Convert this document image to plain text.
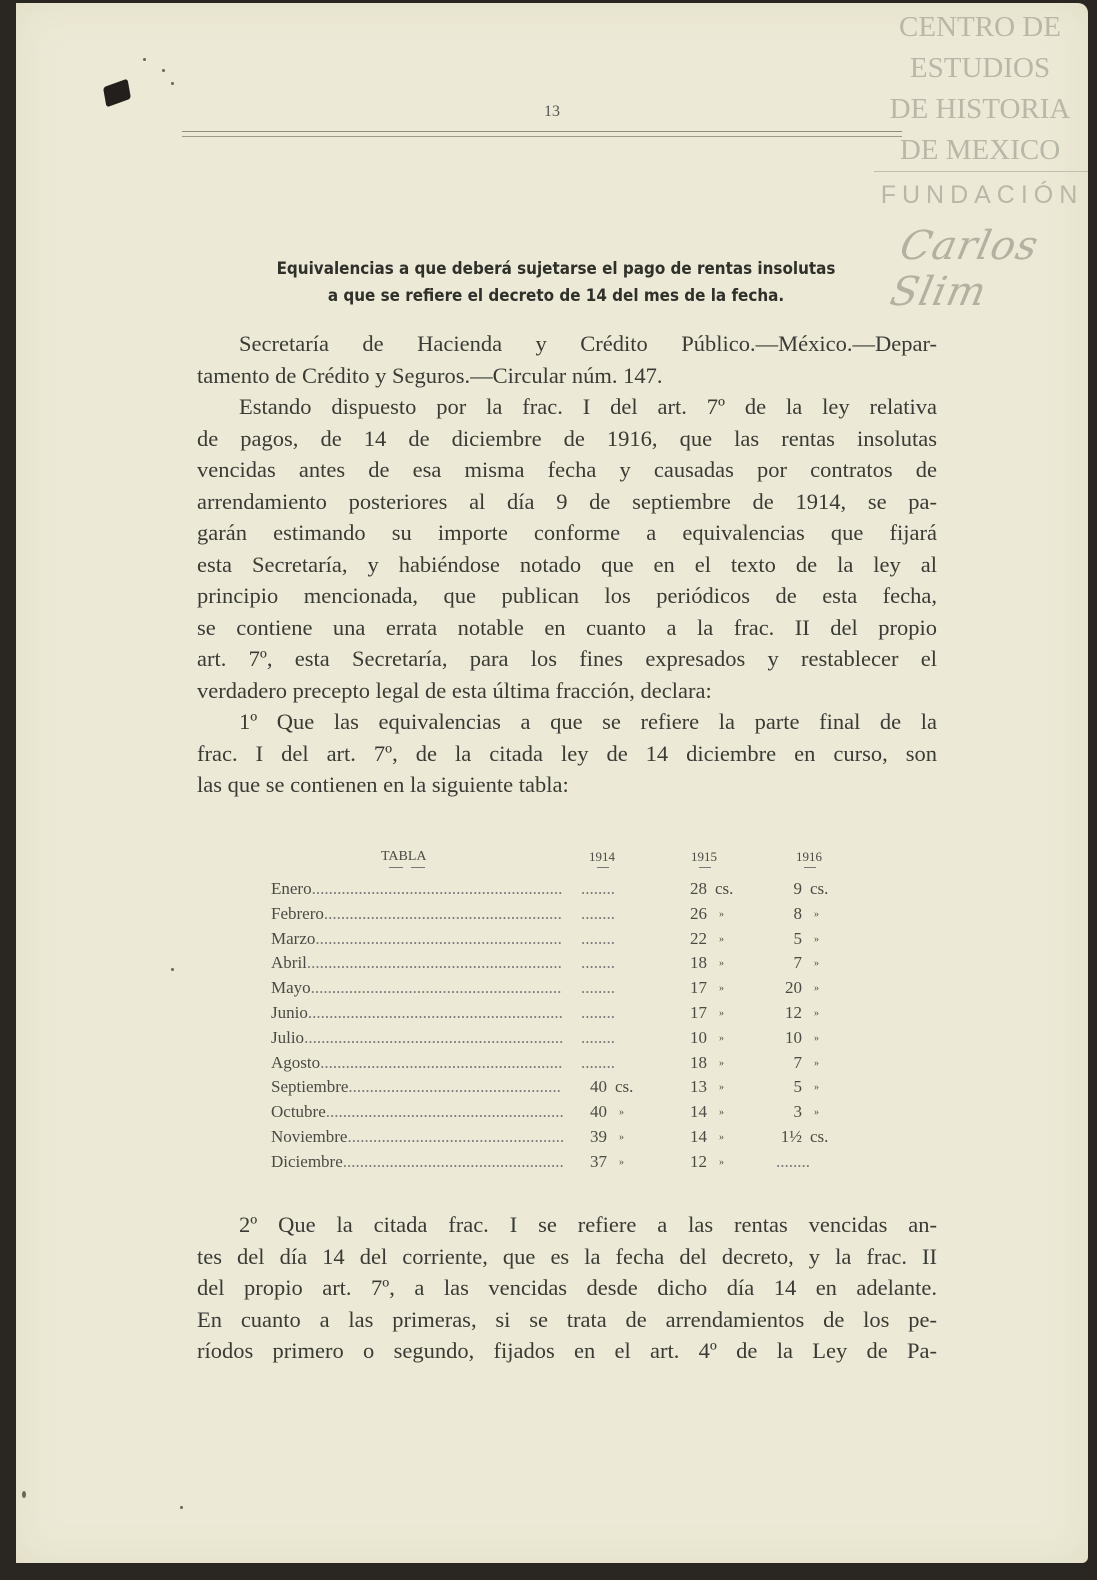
13
CENTRO DE
ESTUDIOS
DE HISTORIA
DE MEXICO
FUNDACIÓN
Carlos Slim
Equivalencias a que deberá sujetarse el pago de rentas insolutas
a que se refiere el decreto de 14 del mes de la fecha.
Secretaría de Hacienda y Crédito Público.—México.—Depar-
tamento de Crédito y Seguros.—Circular núm. 147.
Estando dispuesto por la frac. I del art. 7º de la ley relativa
de pagos, de 14 de diciembre de 1916, que las rentas insolutas
vencidas antes de esa misma fecha y causadas por contratos de
arrendamiento posteriores al día 9 de septiembre de 1914, se pa-
garán estimando su importe conforme a equivalencias que fijará
esta Secretaría, y habiéndose notado que en el texto de la ley al
principio mencionada, que publican los periódicos de esta fecha,
se contiene una errata notable en cuanto a la frac. II del propio
art. 7º, esta Secretaría, para los fines expresados y restablecer el
verdadero precepto legal de esta última fracción, declara:
1º Que las equivalencias a que se refiere la parte final de la
frac. I del art. 7º, de la citada ley de 14 diciembre en curso, son
las que se contienen en la siguiente tabla:
TABLA	1914	1915	1916
Enero........................................................... ........	28 cs.	9 cs.
Febrero........................................................ ........	26 »	8 »
Marzo.......................................................... ........	22 »	5 »
Abril............................................................ ........	18 »	7 »
Mayo........................................................... ........	17 »	20 »
Junio............................................................ ........	17 »	12 »
Julio............................................................. ........	10 »	10 »
Agosto......................................................... ........	18 »	7 »
Septiembre..................................................	40 cs.	13 »	5 »
Octubre........................................................	40 »	14 »	3 »
Noviembre...................................................	39 »	14 »	1½ cs.
Diciembre....................................................	37 »	12 »	........
2º Que la citada frac. I se refiere a las rentas vencidas an-
tes del día 14 del corriente, que es la fecha del decreto, y la frac. II
del propio art. 7º, a las vencidas desde dicho día 14 en adelante.
En cuanto a las primeras, si se trata de arrendamientos de los pe-
ríodos primero o segundo, fijados en el art. 4º de la Ley de Pa-
